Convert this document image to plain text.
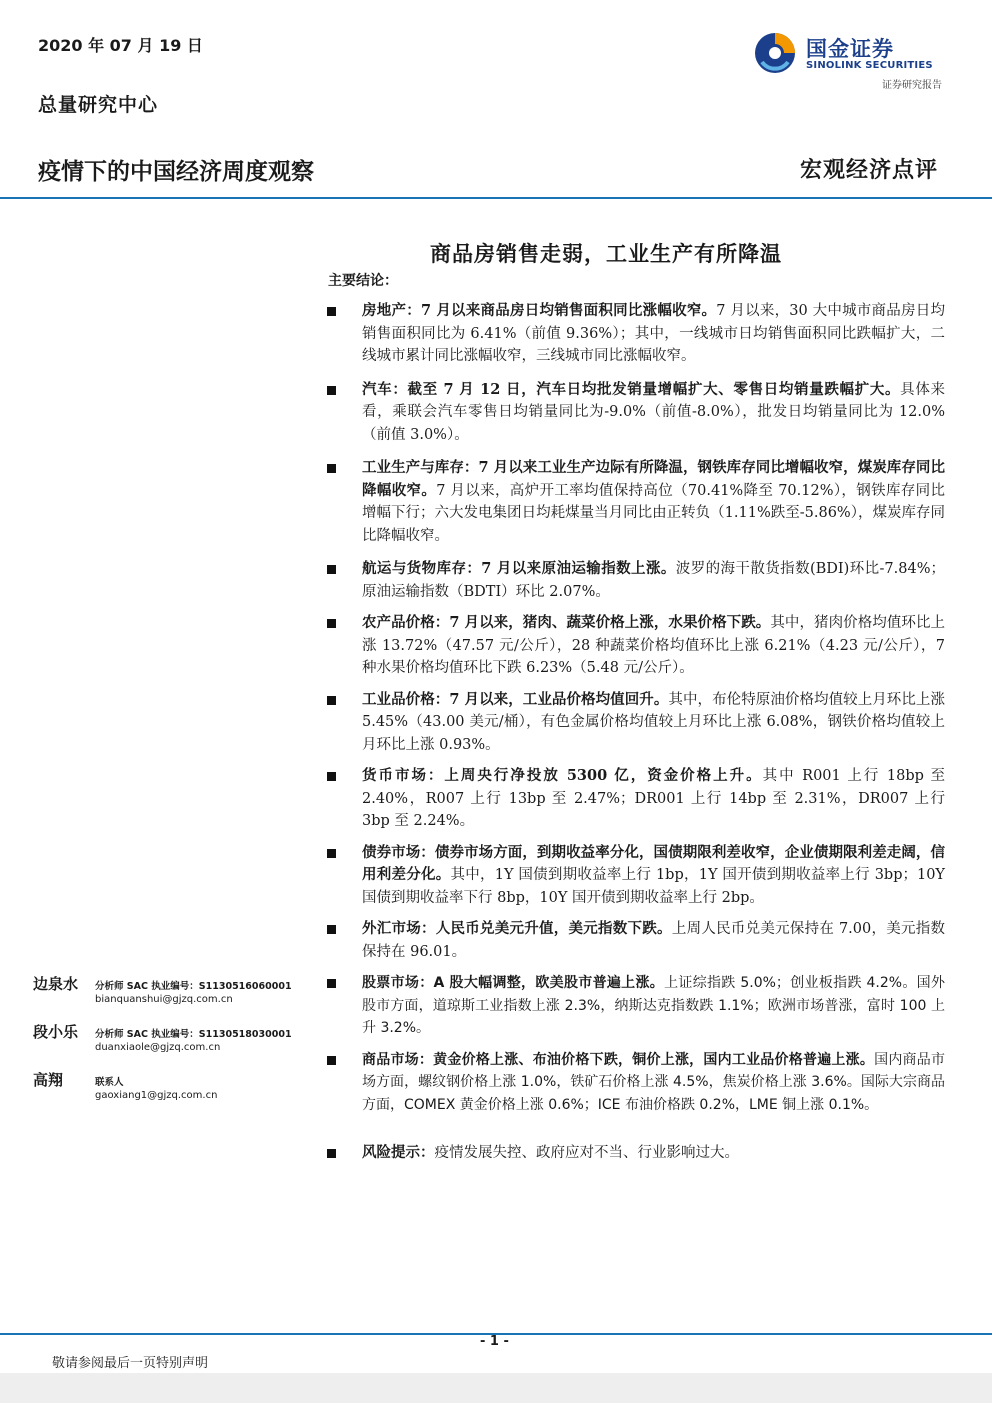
2020 年 07 月 19 日
总量研究中心
国金证券
SINOLINK SECURITIES
证券研究报告
疫情下的中国经济周度观察	宏观经济点评
商品房销售走弱，工业生产有所降温
主要结论：
房地产：7 月以来商品房日均销售面积同比涨幅收窄。7 月以来，30 大中城市商品房日均销售面积同比为 6.41%（前值 9.36%）；其中，一线城市日均销售面积同比跌幅扩大，二线城市累计同比涨幅收窄，三线城市同比涨幅收窄。
汽车：截至 7 月 12 日，汽车日均批发销量增幅扩大、零售日均销量跌幅扩大。具体来看，乘联会汽车零售日均销量同比为-9.0%（前值-8.0%），批发日均销量同比为 12.0%（前值 3.0%）。
工业生产与库存：7 月以来工业生产边际有所降温，钢铁库存同比增幅收窄，煤炭库存同比降幅收窄。7 月以来，高炉开工率均值保持高位（70.41%降至 70.12%），钢铁库存同比增幅下行；六大发电集团日均耗煤量当月同比由正转负（1.11%跌至-5.86%），煤炭库存同比降幅收窄。
航运与货物库存：7 月以来原油运输指数上涨。波罗的海干散货指数(BDI)环比-7.84%；原油运输指数（BDTI）环比 2.07%。
农产品价格：7 月以来，猪肉、蔬菜价格上涨，水果价格下跌。其中，猪肉价格均值环比上涨 13.72%（47.57 元/公斤），28 种蔬菜价格均值环比上涨 6.21%（4.23 元/公斤），7 种水果价格均值环比下跌 6.23%（5.48 元/公斤）。
工业品价格：7 月以来，工业品价格均值回升。其中，布伦特原油价格均值较上月环比上涨 5.45%（43.00 美元/桶），有色金属价格均值较上月环比上涨 6.08%，钢铁价格均值较上月环比上涨 0.93%。
货币市场：上周央行净投放 5300 亿，资金价格上升。其中 R001 上行 18bp 至 2.40%，R007 上行 13bp 至 2.47%；DR001 上行 14bp 至 2.31%，DR007 上行 3bp 至 2.24%。
债券市场：债券市场方面，到期收益率分化，国债期限利差收窄，企业债期限利差走阔，信用利差分化。其中，1Y 国债到期收益率上行 1bp，1Y 国开债到期收益率上行 3bp；10Y 国债到期收益率下行 8bp，10Y 国开债到期收益率上行 2bp。
外汇市场：人民币兑美元升值，美元指数下跌。上周人民币兑美元保持在 7.00，美元指数保持在 96.01。
股票市场：A 股大幅调整，欧美股市普遍上涨。上证综指跌 5.0%；创业板指跌 4.2%。国外股市方面，道琼斯工业指数上涨 2.3%，纳斯达克指数跌 1.1%；欧洲市场普涨，富时 100 上升 3.2%。
商品市场：黄金价格上涨、布油价格下跌，铜价上涨，国内工业品价格普遍上涨。国内商品市场方面，螺纹钢价格上涨 1.0%，铁矿石价格上涨 4.5%，焦炭价格上涨 3.6%。国际大宗商品方面，COMEX 黄金价格上涨 0.6%；ICE 布油价格跌 0.2%，LME 铜上涨 0.1%。
风险提示：疫情发展失控、政府应对不当、行业影响过大。
边泉水 分析师 SAC 执业编号：S1130516060001
bianquanshui@gjzq.com.cn
段小乐 分析师 SAC 执业编号：S1130518030001
duanxiaole@gjzq.com.cn
高翔	联系人
gaoxiang1@gjzq.com.cn
- 1 -
敬请参阅最后一页特别声明
